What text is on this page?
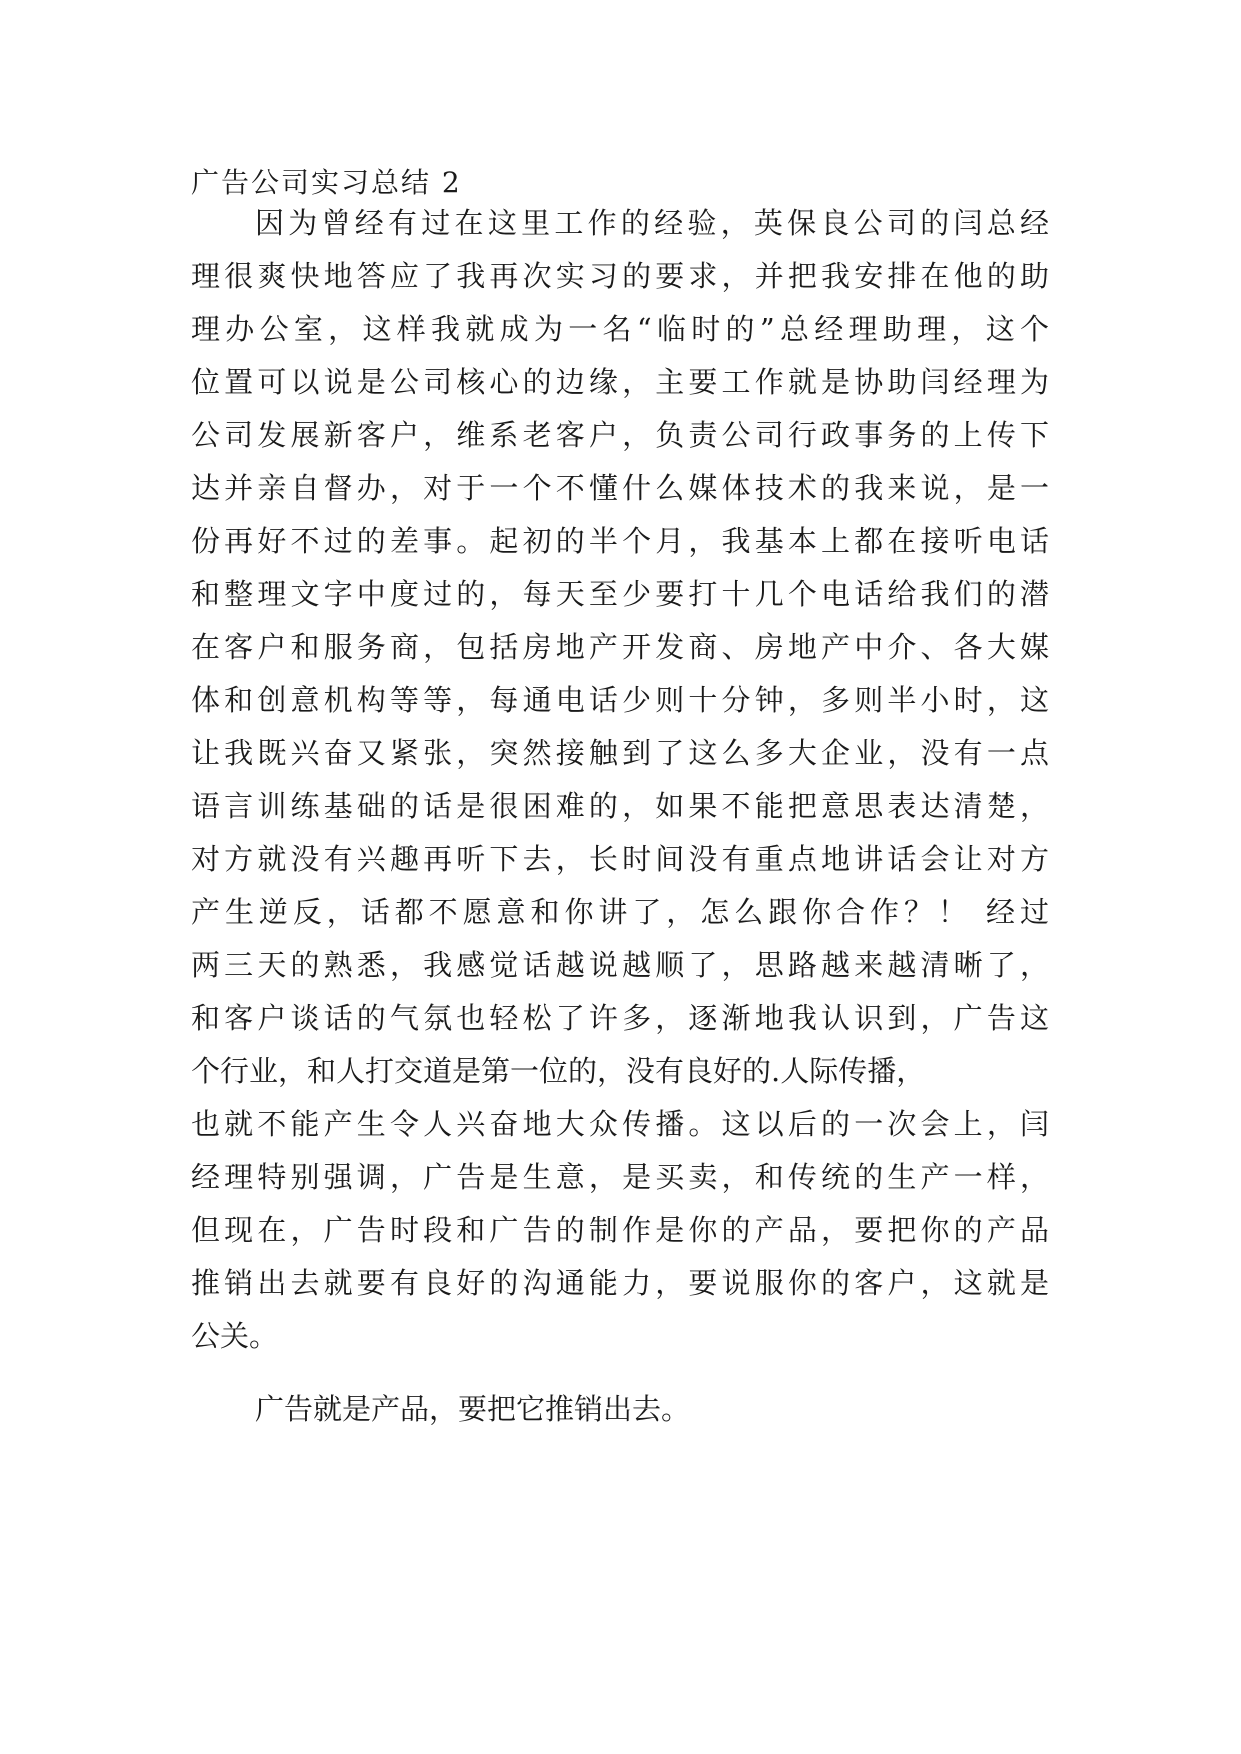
广告公司实习总结 2
因为曾经有过在这里工作的经验，英保良公司的闫总经
理很爽快地答应了我再次实习的要求，并把我安排在他的助
理办公室，这样我就成为一名“临时的”总经理助理，这个
位置可以说是公司核心的边缘，主要工作就是协助闫经理为
公司发展新客户，维系老客户，负责公司行政事务的上传下
达并亲自督办，对于一个不懂什么媒体技术的我来说，是一
份再好不过的差事。起初的半个月，我基本上都在接听电话
和整理文字中度过的，每天至少要打十几个电话给我们的潜
在客户和服务商，包括房地产开发商、房地产中介、各大媒
体和创意机构等等，每通电话少则十分钟，多则半小时，这
让我既兴奋又紧张，突然接触到了这么多大企业，没有一点
语言训练基础的话是很困难的，如果不能把意思表达清楚，
对方就没有兴趣再听下去，长时间没有重点地讲话会让对方
产生逆反，话都不愿意和你讲了，怎么跟你合作？！ 经过
两三天的熟悉，我感觉话越说越顺了，思路越来越清晰了，
和客户谈话的气氛也轻松了许多，逐渐地我认识到，广告这
个行业，和人打交道是第一位的，没有良好的.人际传播，
也就不能产生令人兴奋地大众传播。这以后的一次会上，闫
经理特别强调，广告是生意，是买卖，和传统的生产一样，
但现在，广告时段和广告的制作是你的产品，要把你的产品
推销出去就要有良好的沟通能力，要说服你的客户，这就是
公关。
广告就是产品，要把它推销出去。
